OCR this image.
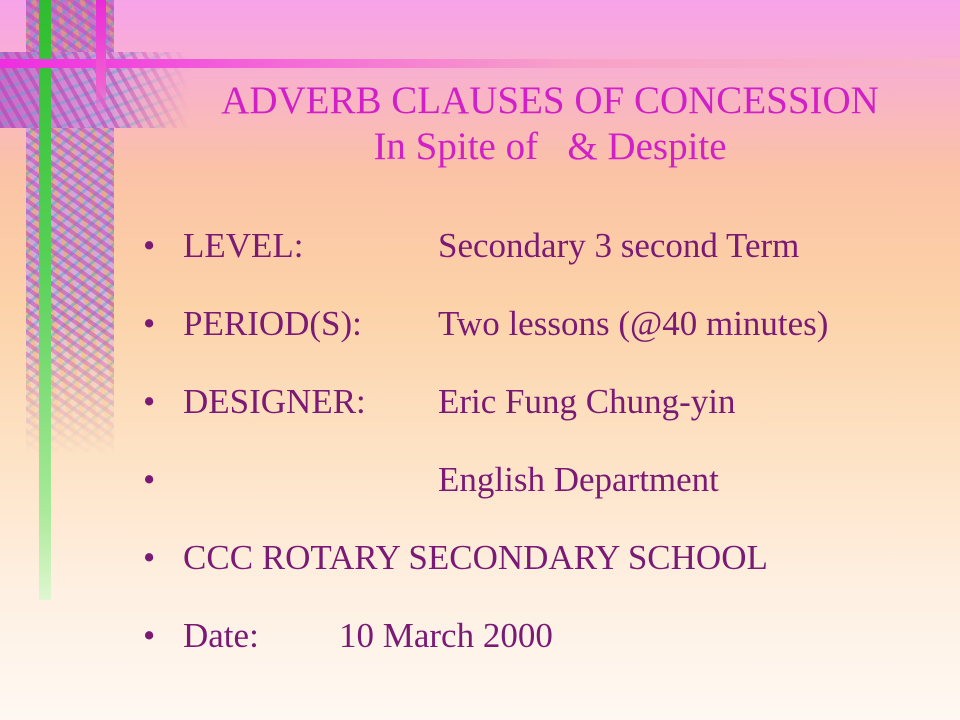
ADVERB CLAUSES OF CONCESSION
In Spite of   & Despite
• LEVEL:	Secondary 3 second Term
• PERIOD(S): Two lessons (@40 minutes)
• DESIGNER: Eric Fung Chung-yin
•	English Department
• CCC ROTARY SECONDARY SCHOOL
• Date: 10 March 2000
